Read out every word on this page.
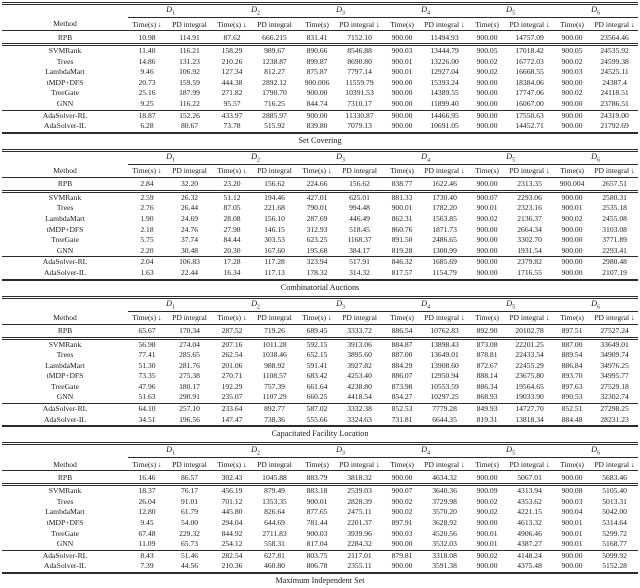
	$D_1$		$D_2$		$D_3$		$D_4$		$D_5$		$D_6$
Method	Time(s) ↓	PD integral	Time(s) ↓	PD integral	Time(s)	PD integral ↓	Time(s)	PD integral ↓	Time(s)	PD integral ↓	Time(s)	PD integral ↓
RPB	10.98	114.91	87.62	666.215	831.41	7152.10	900.00	11494.93	900.00	14757.09	900.00	23564.46
SVMRank	11.40	116.21	158.29	989.67	890.66	8546.88	900.03	13444.79	900.05	17018.42	900.05	24535.92
Trees	14.86	131.23	210.26	1238.87	899.87	8690.80	900.01	13226.00	900.02	16772.03	900.02	24599.38
LambdaMart	9.46	106.92	127.34	812.27	875.87	7797.14	900.01	12927.04	900.02	16668.55	900.03	24525.11
tMDP+DFS	20.73	159.59	444.38	2892.12	900.006	11559.79	900.00	15393.24	900.00	18384.06	900.00	24387.4
TreeGate	25.16	187.99	271.82	1790.70	900.00	10391.53	900.00	14389.55	900.00	17747.06	900.02	24118.51
GNN	9.25	116.22	95.57	716.25	844.74	7310.17	900.00	11899.40	900.00	16067.00	900.00	23786.51
AdaSolver-RL	18.87	152.26	433.97	2885.97	900.00	11330.87	900.00	14466.95	900.00	17550.63	900.00	24319.00
AdaSolver-IL	6.28	80.67	73.78	515.92	839.80	7079.13	900.00	10691.05	900.00	14452.71	900.00	21792.69
Set Covering
	$D_1$		$D_2$		$D_3$		$D_4$		$D_5$		$D_6$
Method	Time(s) ↓	PD integral	Time(s) ↓	PD integral	Time(s) ↓	PD integral	Time(s)	PD integral ↓	Time(s)	PD integral ↓	Time(s)	PD integral ↓
RPB	2.84	32.20	23.20	156.62	224.66	156.62	838.77	1622.46	900.00	2313.35	900.004	2657.51
SVMRank	2.59	26.32	51.12	194.46	427.01	625.01	881.33	1730.40	900.07	2293.06	900.00	2580.31
Trees	2.76	26.44	87.05	221.68	790.01	994.48	900.01	1782.20	900.01	2323.16	900.01	2535.18
LambdaMart	1.90	24.69	28.08	156.10	287.69	446.49	862.31	1563.85	900.02	2136.37	900.02	2455.08
tMDP+DFS	2.18	24.76	27.98	146.15	312.93	518.45	860.76	1871.73	900.00	2664.34	900.00	3103.08
TreeGate	5.75	37.74	84.44	303.53	623.25	1168.37	891.50	2486.65	900.00	3302.70	900.00	3771.89
GNN	2.20	30.48	20.30	167.60	195.68	384.17	819.28	1300.99	900.00	1931.54	900.00	2293.41
AdaSolver-RL	2.04	106.83	17.28	117.28	323.94	517.91	846.32	1685.69	900.00	2379.82	900.00	2980.48
AdaSolver-IL	1.63	22.44	16.34	117.13	178.32	314.32	817.57	1154.79	900.00	1716.55	900.00	2107.19
Combinatorial Auctions
	$D_1$		$D_2$		$D_3$		$D_4$		$D_5$		$D_6$
Method	Time(s) ↓	PD integral	Time(s) ↓	PD integral	Time(s) ↓	PD integral	Time(s)	PD integral ↓	Time(s)	PD integral ↓	Time(s)	PD integral ↓
RPB	65.67	170.34	287.52	719.26	689.45	3333.72	886.54	10762.83	892.90	20102.78	897.51	27527.24
SVMRank	56.98	274.04	207.16	1011.28	592.15	3913.06	884.87	13898.43	873.08	22201.25	887.00	33649.01
Trees	77.41	285.65	262.54	1038.46	652.15	3895.60	887.00	13649.01	878.81	22433.54	889.54	34909.74
LambdaMart	51.30	281.76	201.06	988.92	591.41	3927.82	884.29	13908.60	872.67	22455.29	886.84	34976.25
tMDP+DFS	73.35	275.38	270.71	1108.57	683.42	4253.40	886.07	12950.94	888.14	23675.80	893.70	34995.77
TreeGate	47.96	180.17	192.29	757.39	661.64	4238.80	873.98	10553.59	886.34	19564.65	897.63	27529.18
GNN	51.63	290.91	235.07	1107.29	660.25	4418.54	854.27	10297.25	868.93	19033.90	890.53	32302.74
AdaSolver-RL	64.10	257.10	233.64	892.77	587.02	3332.38	852.53	7779.28	849.93	14727.70	852.51	27298.25
AdaSolver-IL	34.51	196.56	147.47	738.36	555.66	3324.63	731.81	6644.35	819.31	13818.34	884.48	28231.23
Capacitated Facility Location
	$D_1$		$D_2$		$D_3$		$D_4$		$D_5$		$D_6$
Method	Time(s) ↓	PD integral	Time(s) ↓	PD integral	Time(s)	PD integral ↓	Time(s)	PD integral ↓	Time(s)	PD integral ↓	Time(s)	PD integral ↓
RPB	16.46	86.57	302.43	1045.88	883.79	3818.32	900.00	4634.32	900.00	5067.01	900.00	5683.46
SVMRank	18.37	76.17	456.19	879.49	883.18	2539.03	900.07	3640.36	900.09	4313.94	900.08	5105.40
Trees	26.04	91.01	701.12	1353.35	900.01	2828.39	900.02	3729.98	900.02	4353.62	900.03	5013.31
LambdaMart	12.80	61.79	445.80	826.64	877.65	2475.11	900.02	3570.20	900.02	4221.15	900.04	5042.00
tMDP+DFS	9.45	54.00	294.04	644.69	781.44	2201.37	897.91	3628.92	900.00	4613.32	900.01	5314.64
TreeGate	67.48	229.32	844.92	2711.83	900.03	3939.96	900.03	4520.56	900.01	4906.46	900.01	5299.72
GNN	11.09	65.73	254.12	558.31	817.04	2284.32	900.00	3532.03	900.01	4387.27	900.01	5168.77
AdaSolver-RL	8.43	51.46	282.54	627.81	803.75	2117.01	879.81	3318.08	900.02	4148.24	900.00	5099.92
AdaSolver-IL	7.39	44.56	210.36	460.80	806.78	2355.11	900.00	3591.38	900.00	4375.48	900.00	5152.28
Maximum Independent Set
